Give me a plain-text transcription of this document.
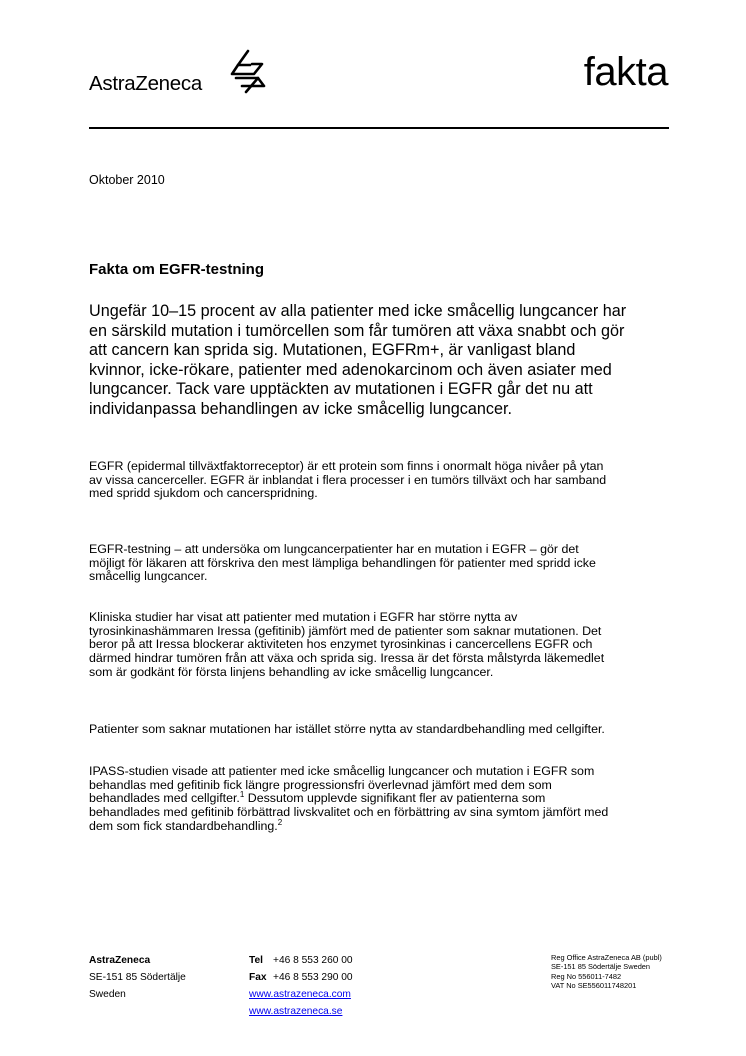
AstraZeneca	fakta
Oktober 2010
Fakta om EGFR-testning

Ungefär 10–15 procent av alla patienter med icke småcellig lungcancer har en särskild mutation i tumörcellen som får tumören att växa snabbt och gör att cancern kan sprida sig. Mutationen, EGFRm+, är vanligast bland kvinnor, icke-rökare, patienter med adenokarcinom och även asiater med lungcancer. Tack vare upptäckten av mutationen i EGFR går det nu att individanpassa behandlingen av icke småcellig lungcancer.

EGFR (epidermal tillväxtfaktorreceptor) är ett protein som finns i onormalt höga nivåer på ytan av vissa cancerceller. EGFR är inblandat i flera processer i en tumörs tillväxt och har samband med spridd sjukdom och cancerspridning.

EGFR-testning – att undersöka om lungcancerpatienter har en mutation i EGFR – gör det möjligt för läkaren att förskriva den mest lämpliga behandlingen för patienter med spridd icke småcellig lungcancer.

Kliniska studier har visat att patienter med mutation i EGFR har större nytta av tyrosinkinashämmaren Iressa (gefitinib) jämfört med de patienter som saknar mutationen. Det beror på att Iressa blockerar aktiviteten hos enzymet tyrosinkinas i cancercellens EGFR och därmed hindrar tumören från att växa och sprida sig. Iressa är det första målstyrda läkemedlet som är godkänt för första linjens behandling av icke småcellig lungcancer.

Patienter som saknar mutationen har istället större nytta av standardbehandling med cellgifter.

IPASS-studien visade att patienter med icke småcellig lungcancer och mutation i EGFR som behandlas med gefitinib fick längre progressionsfri överlevnad jämfört med dem som behandlades med cellgifter.$^1$ Dessutom upplevde signifikant fler av patienterna som behandlades med gefitinib förbättrad livskvalitet och en förbättring av sina symtom jämfört med dem som fick standardbehandling.$^2$

AstraZeneca
SE-151 85 Södertälje
Sweden
Tel +46 8 553 260 00
Fax +46 8 553 290 00
www.astrazeneca.com
www.astrazeneca.se
Reg Office AstraZeneca AB (publ)
SE-151 85 Södertälje Sweden
Reg No 556011-7482
VAT No SE556011748201
